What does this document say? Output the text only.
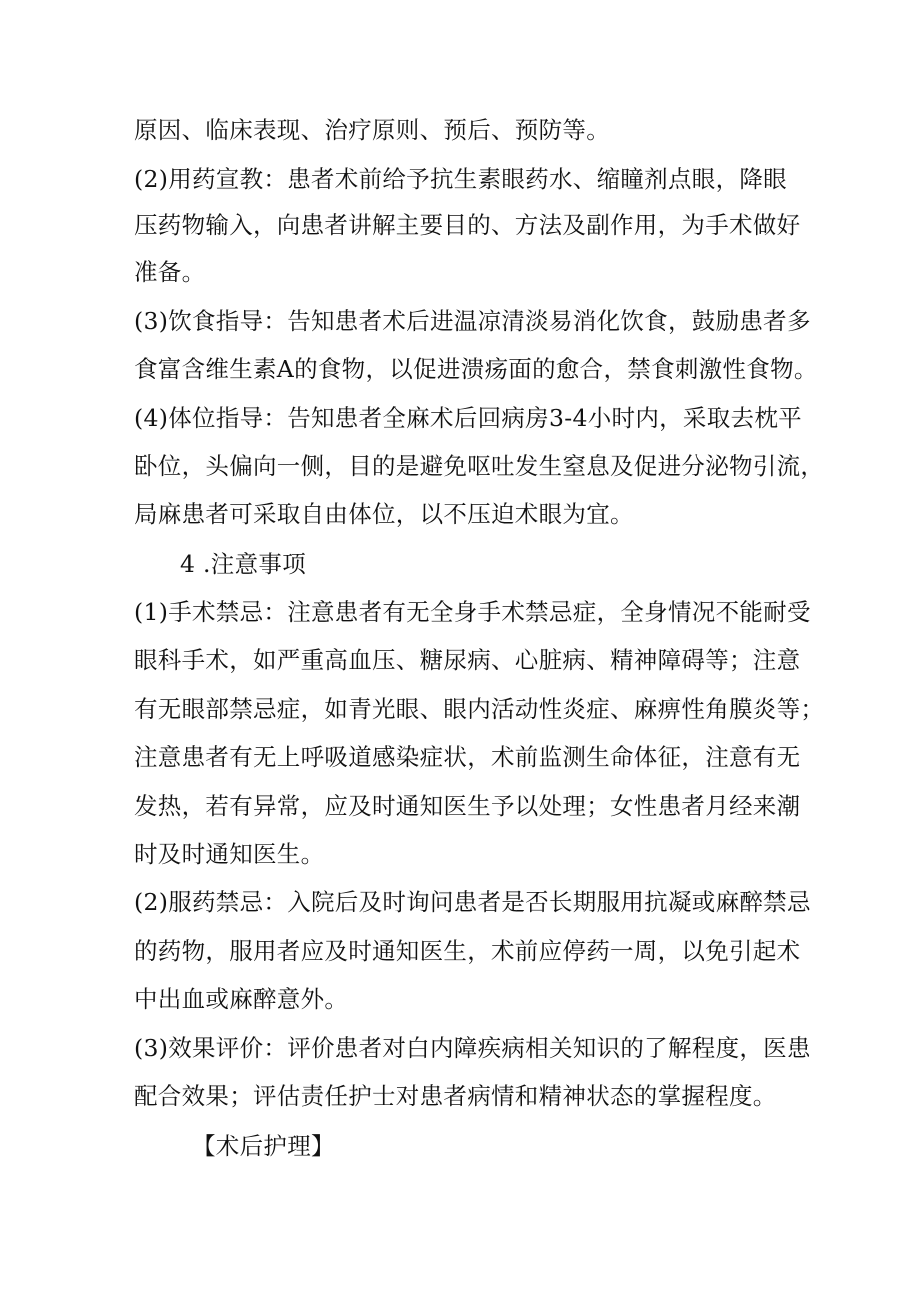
原因、临床表现、治疗原则、预后、预防等。
(2)用药宣教：患者术前给予抗生素眼药水、缩瞳剂点眼，降眼
压药物输入，向患者讲解主要目的、方法及副作用，为手术做好
准备。
(3)饮食指导：告知患者术后进温凉清淡易消化饮食，鼓励患者多
食富含维生素A的食物，以促进溃疡面的愈合，禁食刺激性食物。
(4)体位指导：告知患者全麻术后回病房3-4小时内，采取去枕平
卧位，头偏向一侧，目的是避免呕吐发生窒息及促进分泌物引流，
局麻患者可采取自由体位，以不压迫术眼为宜。
4 .注意事项
(1)手术禁忌：注意患者有无全身手术禁忌症，全身情况不能耐受
眼科手术，如严重高血压、糖尿病、心脏病、精神障碍等；注意
有无眼部禁忌症，如青光眼、眼内活动性炎症、麻痹性角膜炎等；
注意患者有无上呼吸道感染症状，术前监测生命体征，注意有无
发热，若有异常，应及时通知医生予以处理；女性患者月经来潮
时及时通知医生。
(2)服药禁忌：入院后及时询问患者是否长期服用抗凝或麻醉禁忌
的药物，服用者应及时通知医生，术前应停药一周，以免引起术
中出血或麻醉意外。
(3)效果评价：评价患者对白内障疾病相关知识的了解程度，医患
配合效果；评估责任护士对患者病情和精神状态的掌握程度。
【术后护理】
